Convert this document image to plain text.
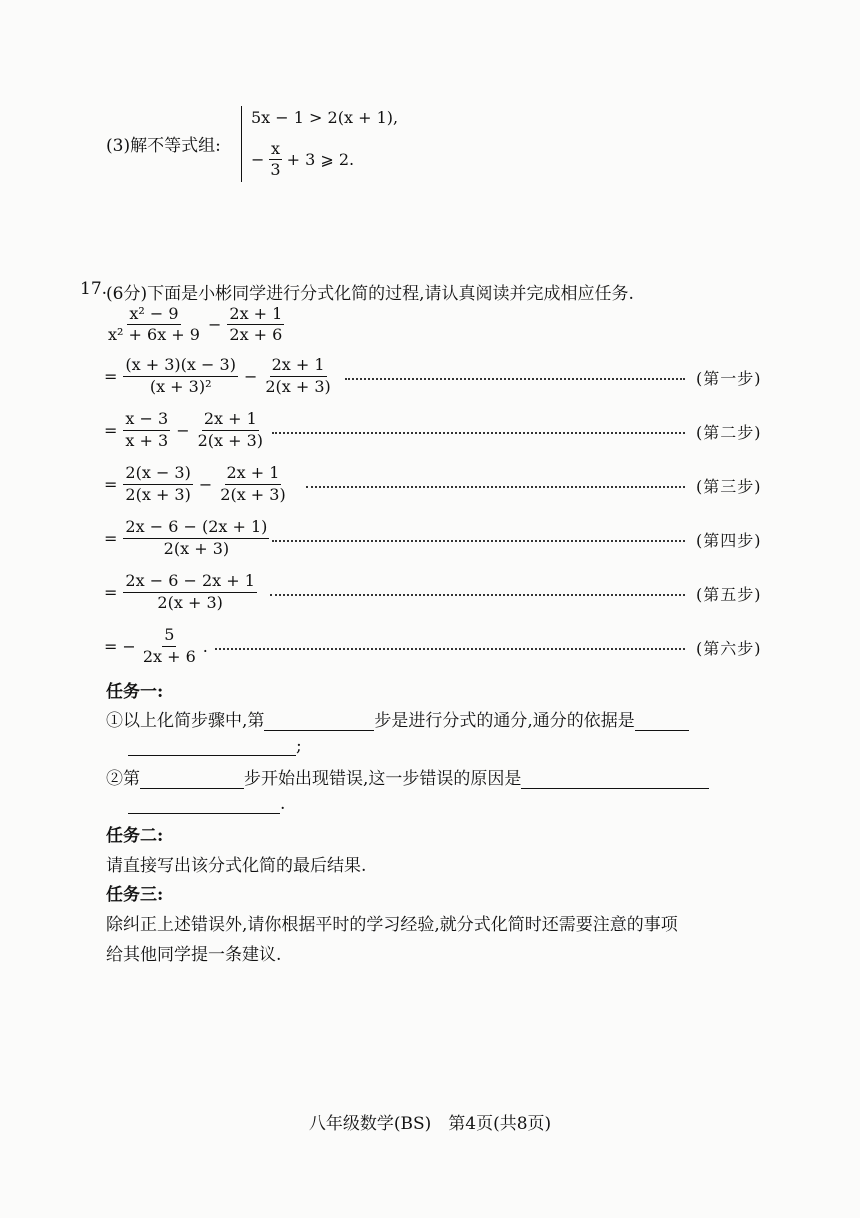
(3)解不等式组:
5x − 1 > 2(x + 1),
− $\frac{x}{3} + 3$ ⩾ 2.
17.
(6分)下面是小彬同学进行分式化简的过程,请认真阅读并完成相应任务.
$\frac{\text{x² − 9}}{\text{x² + 6x + 9}} - \frac{2x + 1}{2x + 6}$
= $\frac{(x + 3)(x - 3)}{\text{(x + 3)²}} - \frac{2x + 1}{2(x + 3)}$	(第一步)
= $\frac{x - 3}{x + 3} - \frac{2x + 1}{2(x + 3)}$	(第二步)
= $\frac{2(x - 3)}{2(x + 3)} - \frac{2x + 1}{2(x + 3)}$	(第三步)
= $\frac{2x - 6 - (2x + 1)}{2(x + 3)}$	(第四步)
= $\frac{2x - 6 - 2x + 1}{2(x + 3)}$	(第五步)
= − $\frac{5}{2x + 6}$ .	(第六步)
任务一:
①以上化简步骤中,第	步是进行分式的通分,通分的依据是
;
②第	步开始出现错误,这一步错误的原因是
.
任务二:
请直接写出该分式化简的最后结果.
任务三:
除纠正上述错误外,请你根据平时的学习经验,就分式化简时还需要注意的事项
给其他同学提一条建议.
八年级数学(BS)　第4页(共8页)
